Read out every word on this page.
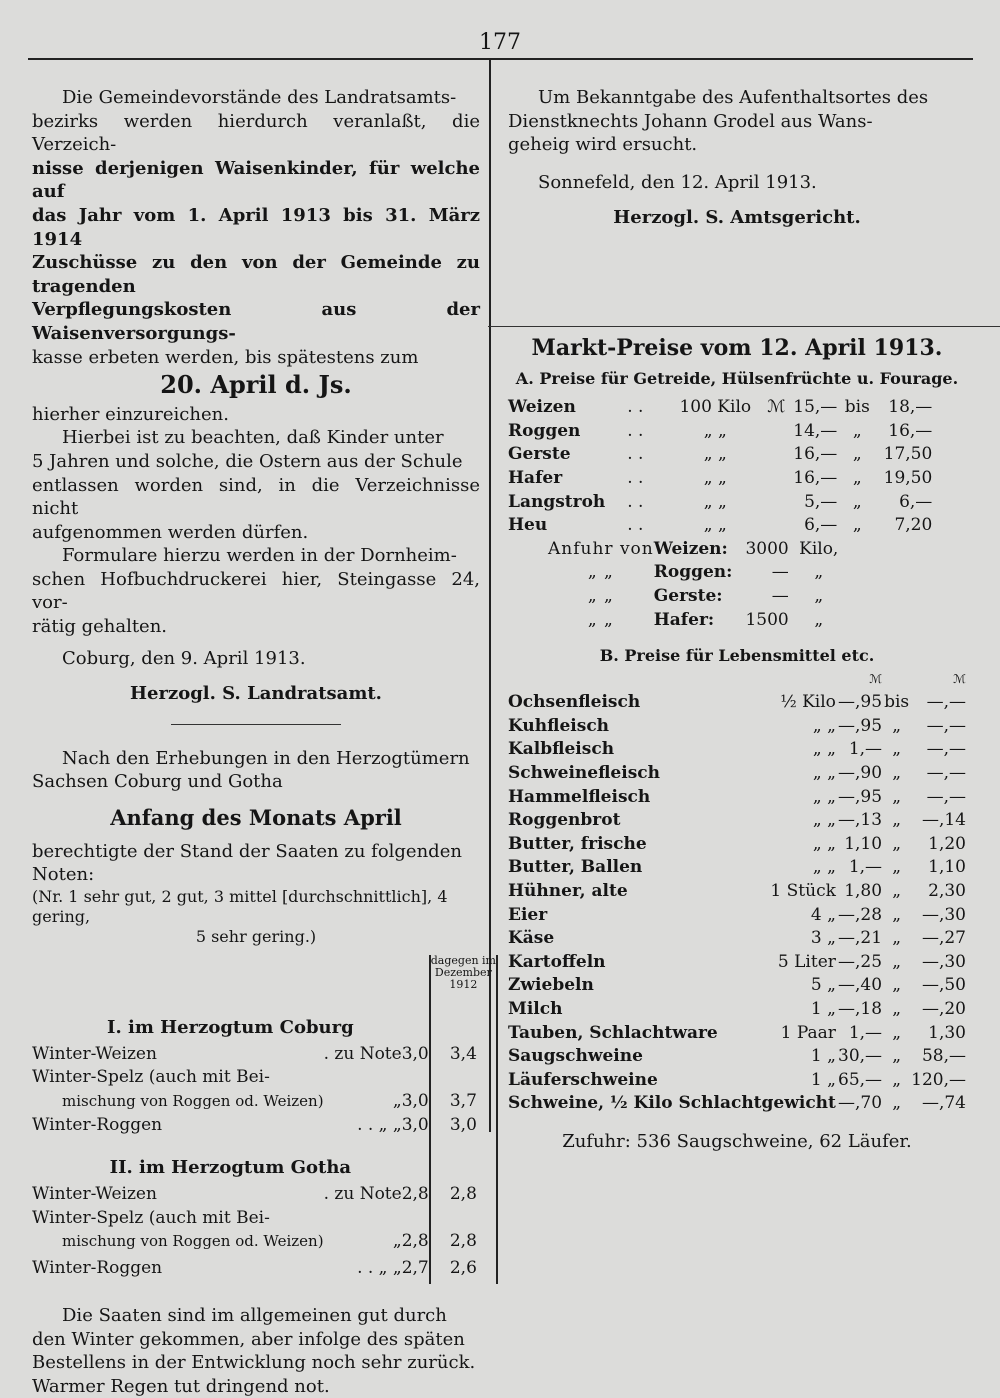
177

Die Gemeindevorstände des Landratsamts-

bezirks werden hierdurch veranlaßt, die Verzeich-

nisse derjenigen Waisenkinder, für welche auf

das Jahr vom 1. April 1913 bis 31. März 1914

Zuschüsse zu den von der Gemeinde zu tragenden

Verpflegungskosten aus der Waisenversorgungs-

kasse erbeten werden, bis spätestens zum

20. April d. Js.

hierher einzureichen.

Hierbei ist zu beachten, daß Kinder unter

5 Jahren und solche, die Ostern aus der Schule

entlassen worden sind, in die Verzeichnisse nicht

aufgenommen werden dürfen.

Formulare hierzu werden in der Dornheim-

schen Hofbuchdruckerei hier, Steingasse 24, vor-

rätig gehalten.

Coburg, den 9. April 1913.

Herzogl. S. Landratsamt.

Nach den Erhebungen in den Herzogtümern

Sachsen Coburg und Gotha

Anfang des Monats April

berechtigte der Stand der Saaten zu folgenden Noten:

(Nr. 1 sehr gut, 2 gut, 3 mittel [durchschnittlich], 4 gering,

5 sehr gering.)

			dagegen im
Dezember
1912

I. im Herzogtum Coburg			
Winter-Weizen	. zu Note	3,0	3,4
Winter-Spelz (auch mit Bei-			
mischung von Roggen od. Weizen)	„	3,0	3,7
Winter-Roggen	. . „ „	3,0	3,0
II. im Herzogtum Gotha			
Winter-Weizen	. zu Note	2,8	2,8
Winter-Spelz (auch mit Bei-			
mischung von Roggen od. Weizen)	„	2,8	2,8
Winter-Roggen	. . „ „	2,7	2,6

Die Saaten sind im allgemeinen gut durch

den Winter gekommen, aber infolge des späten

Bestellens in der Entwicklung noch sehr zurück.

Warmer Regen tut dringend not.

Um Bekanntgabe des Aufenthaltsortes des

Dienstknechts Johann Grodel aus Wans-

geheig wird ersucht.

Sonnefeld, den 12. April 1913.

Herzogl. S. Amtsgericht.

Markt-Preise vom 12. April 1913.

A. Preise für Getreide, Hülsenfrüchte u. Fourage.

Weizen	. .	100 Kilo	ℳ	15,—	bis	18,—
Roggen	. .	„ „		14,—	„	16,—
Gerste	. .	„ „		16,—	„	17,50
Hafer	. .	„ „		16,—	„	19,50
Langstroh	. .	„ „		5,—	„	6,—
Heu	. .	„ „		6,—	„	7,20
Anfuhr von	Weizen:	3000	Kilo,
„ „	Roggen:	—	„
„ „	Gerste:	—	„
„ „	Hafer:	1500	„

B. Preise für Lebensmittel etc.

		ℳ		ℳ
Ochsenfleisch	½ Kilo	—,95	bis	—,—
Kuhfleisch	„ „	—,95	„	—,—
Kalbfleisch	„ „	1,—	„	—,—
Schweinefleisch	„ „	—,90	„	—,—
Hammelfleisch	„ „	—,95	„	—,—
Roggenbrot	„ „	—,13	„	—,14
Butter, frische	„ „	1,10	„	1,20
Butter, Ballen	„ „	1,—	„	1,10
Hühner, alte	1 Stück	1,80	„	2,30
Eier	4 „	—,28	„	—,30
Käse	3 „	—,21	„	—,27
Kartoffeln	5 Liter	—,25	„	—,30
Zwiebeln	5 „	—,40	„	—,50
Milch	1 „	—,18	„	—,20
Tauben, Schlachtware	1 Paar	1,—	„	1,30
Saugschweine	1 „	30,—	„	58,—
Läuferschweine	1 „	65,—	„	120,—
Schweine, ½ Kilo Schlachtgewicht		—,70	„	—,74

Zufuhr: 536 Saugschweine, 62 Läufer.
